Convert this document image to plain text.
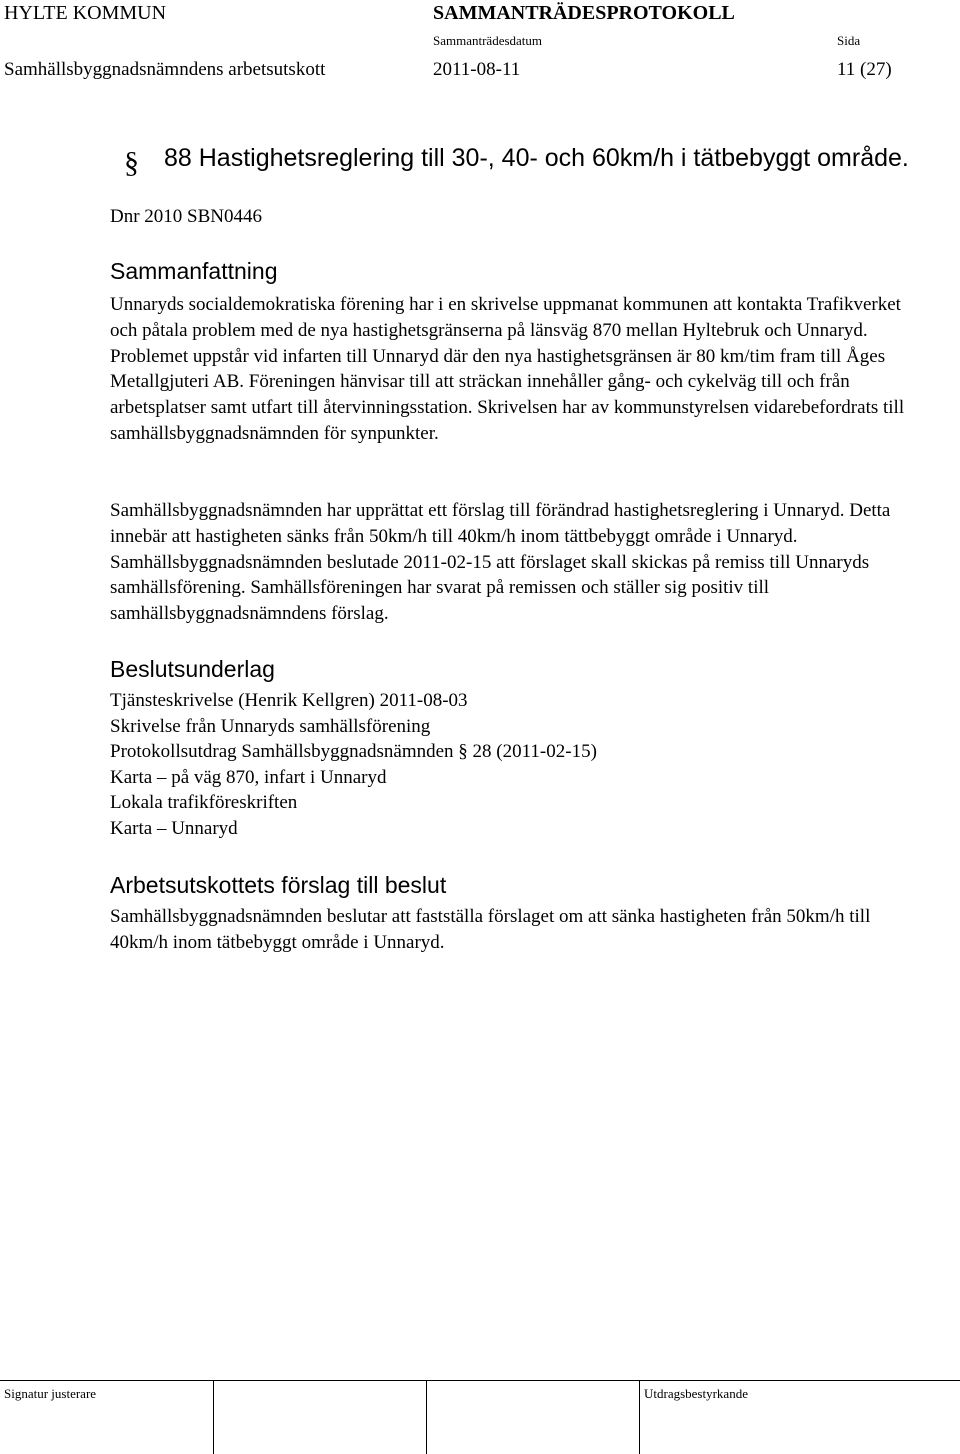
HYLTE KOMMUN	SAMMANTRÄDESPROTOKOLL
Sammanträdesdatum	Sida
Samhällsbyggnadsnämndens arbetsutskott	2011-08-11	11 (27)
§ 88 Hastighetsreglering till 30-, 40- och 60km/h i tätbebyggt område.
Dnr 2010 SBN0446
Sammanfattning

Unnaryds socialdemokratiska förening har i en skrivelse uppmanat kommunen att kontakta Trafikverket och påtala problem med de nya hastighetsgränserna på länsväg 870 mellan Hyltebruk och Unnaryd. Problemet uppstår vid infarten till Unnaryd där den nya hastighetsgränsen är 80 km/tim fram till Åges Metallgjuteri AB. Föreningen hänvisar till att sträckan innehåller gång- och cykelväg till och från arbetsplatser samt utfart till återvinningsstation. Skrivelsen har av kommunstyrelsen vidarebefordrats till samhällsbyggnadsnämnden för synpunkter.

Samhällsbyggnadsnämnden har upprättat ett förslag till förändrad hastighetsreglering i Unnaryd. Detta innebär att hastigheten sänks från 50km/h till 40km/h inom tättbebyggt område i Unnaryd. Samhällsbyggnadsnämnden beslutade 2011-02-15 att förslaget skall skickas på remiss till Unnaryds samhällsförening. Samhällsföreningen har svarat på remissen och ställer sig positiv till samhällsbyggnadsnämndens förslag.

Beslutsunderlag
Tjänsteskrivelse (Henrik Kellgren) 2011-08-03
Skrivelse från Unnaryds samhällsförening
Protokollsutdrag Samhällsbyggnadsnämnden § 28 (2011-02-15)
Karta – på väg 870, infart i Unnaryd
Lokala trafikföreskriften
Karta – Unnaryd
Arbetsutskottets förslag till beslut

Samhällsbyggnadsnämnden beslutar att fastställa förslaget om att sänka hastigheten från 50km/h till 40km/h inom tätbebyggt område i Unnaryd.

Signatur justerare	Utdragsbestyrkande
